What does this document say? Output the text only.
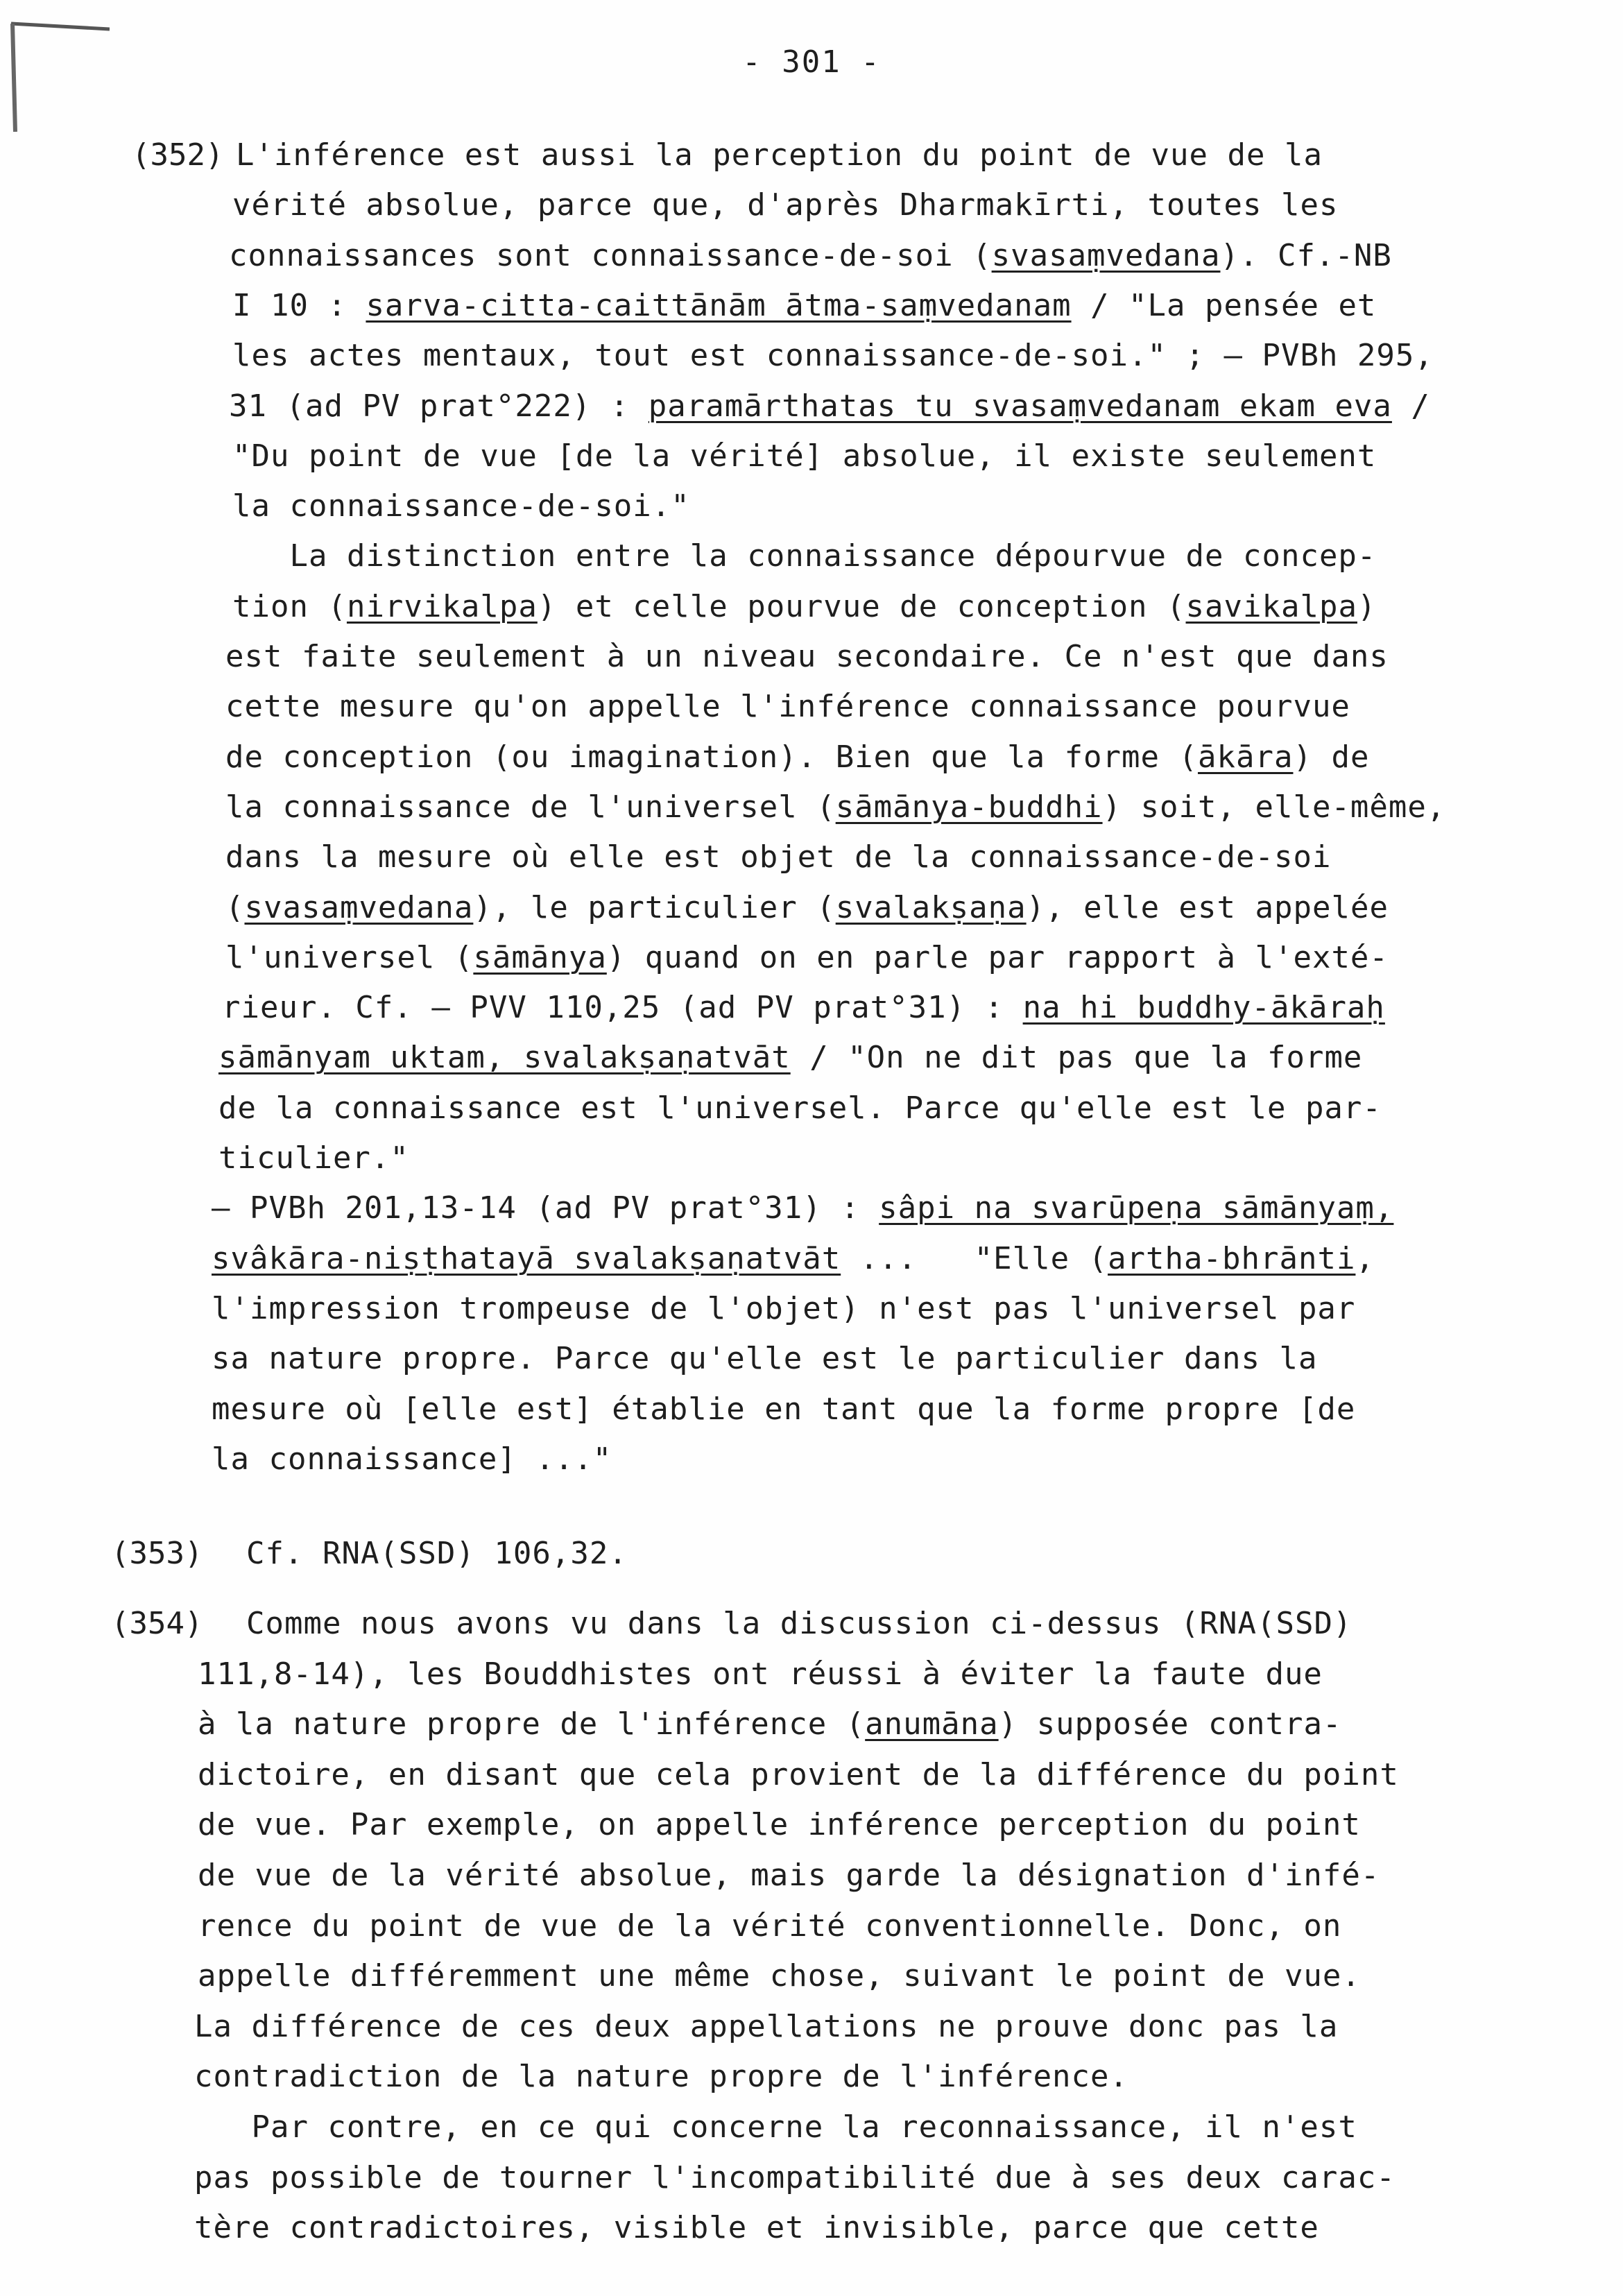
- 301 -
(352) L'inférence est aussi la perception du point de vue de la
vérité absolue, parce que, d'après Dharmakīrti, toutes les
connaissances sont connaissance-de-soi (svasaṃvedana). Cf.-NB
I 10 : sarva-citta-caittānām ātma-saṃvedanam / "La pensée et
les actes mentaux, tout est connaissance-de-soi." ; – PVBh 295,
31 (ad PV prat°222) : paramārthatas tu svasaṃvedanam ekam eva /
"Du point de vue [de la vérité] absolue, il existe seulement
la connaissance-de-soi."
La distinction entre la connaissance dépourvue de concep-
tion (nirvikalpa) et celle pourvue de conception (savikalpa)
est faite seulement à un niveau secondaire. Ce n'est que dans
cette mesure qu'on appelle l'inférence connaissance pourvue
de conception (ou imagination). Bien que la forme (ākāra) de
la connaissance de l'universel (sāmānya-buddhi) soit, elle-même,
dans la mesure où elle est objet de la connaissance-de-soi
(svasaṃvedana), le particulier (svalakṣaṇa), elle est appelée
l'universel (sāmānya) quand on en parle par rapport à l'exté-
rieur. Cf. – PVV 110,25 (ad PV prat°31) : na hi buddhy-ākāraḥ
sāmānyam uktam, svalakṣaṇatvāt / "On ne dit pas que la forme
de la connaissance est l'universel. Parce qu'elle est le par-
ticulier."
– PVBh 201,13-14 (ad PV prat°31) : sâpi na svarūpeṇa sāmānyaṃ,
svâkāra-niṣṭhatayā svalakṣaṇatvāt ...   "Elle (artha-bhrānti,
l'impression trompeuse de l'objet) n'est pas l'universel par
sa nature propre. Parce qu'elle est le particulier dans la
mesure où [elle est] établie en tant que la forme propre [de
la connaissance] ..."
(353) Cf. RNA(SSD) 106,32.
(354) Comme nous avons vu dans la discussion ci-dessus (RNA(SSD)
111,8-14), les Bouddhistes ont réussi à éviter la faute due
à la nature propre de l'inférence (anumāna) supposée contra-
dictoire, en disant que cela provient de la différence du point
de vue. Par exemple, on appelle inférence perception du point
de vue de la vérité absolue, mais garde la désignation d'infé-
rence du point de vue de la vérité conventionnelle. Donc, on
appelle différemment une même chose, suivant le point de vue.
La différence de ces deux appellations ne prouve donc pas la
contradiction de la nature propre de l'inférence.
Par contre, en ce qui concerne la reconnaissance, il n'est
pas possible de tourner l'incompatibilité due à ses deux carac-
tère contradictoires, visible et invisible, parce que cette
